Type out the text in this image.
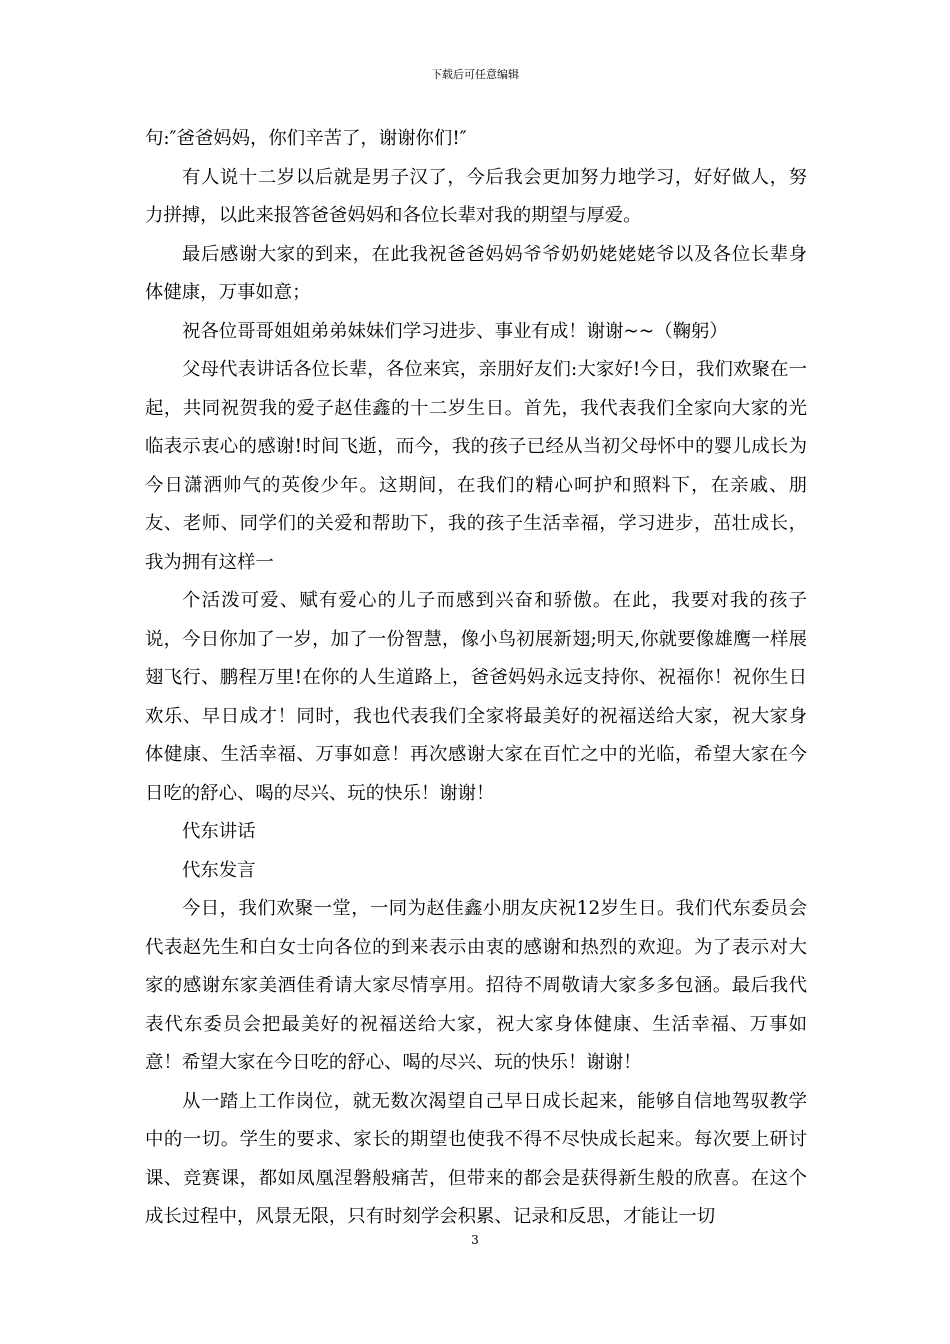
下载后可任意编辑

句:″爸爸妈妈，你们辛苦了，谢谢你们!″

有人说十二岁以后就是男子汉了，今后我会更加努力地学习，好好做人，努力拼搏，以此来报答爸爸妈妈和各位长辈对我的期望与厚爱。

最后感谢大家的到来，在此我祝爸爸妈妈爷爷奶奶姥姥姥爷以及各位长辈身体健康，万事如意；

祝各位哥哥姐姐弟弟妹妹们学习进步、事业有成！谢谢~~（鞠躬）

父母代表讲话各位长辈，各位来宾，亲朋好友们:大家好!今日，我们欢聚在一起，共同祝贺我的爱子赵佳鑫的十二岁生日。首先，我代表我们全家向大家的光临表示衷心的感谢!时间飞逝，而今，我的孩子已经从当初父母怀中的婴儿成长为今日潇洒帅气的英俊少年。这期间，在我们的精心呵护和照料下，在亲戚、朋友、老师、同学们的关爱和帮助下，我的孩子生活幸福，学习进步，茁壮成长，我为拥有这样一

个活泼可爱、赋有爱心的儿子而感到兴奋和骄傲。在此，我要对我的孩子说，今日你加了一岁，加了一份智慧，像小鸟初展新翅;明天,你就要像雄鹰一样展翅飞行、鹏程万里!在你的人生道路上，爸爸妈妈永远支持你、祝福你！祝你生日欢乐、早日成才！同时，我也代表我们全家将最美好的祝福送给大家，祝大家身体健康、生活幸福、万事如意！再次感谢大家在百忙之中的光临，希望大家在今日吃的舒心、喝的尽兴、玩的快乐！谢谢！

代东讲话

代东发言

今日，我们欢聚一堂，一同为赵佳鑫小朋友庆祝12岁生日。我们代东委员会代表赵先生和白女士向各位的到来表示由衷的感谢和热烈的欢迎。为了表示对大家的感谢东家美酒佳肴请大家尽情享用。招待不周敬请大家多多包涵。最后我代表代东委员会把最美好的祝福送给大家，祝大家身体健康、生活幸福、万事如意！希望大家在今日吃的舒心、喝的尽兴、玩的快乐！谢谢！

从一踏上工作岗位，就无数次渴望自己早日成长起来，能够自信地驾驭教学中的一切。学生的要求、家长的期望也使我不得不尽快成长起来。每次要上研讨课、竞赛课，都如凤凰涅磐般痛苦，但带来的都会是获得新生般的欣喜。在这个成长过程中，风景无限，只有时刻学会积累、记录和反思，才能让一切

3
